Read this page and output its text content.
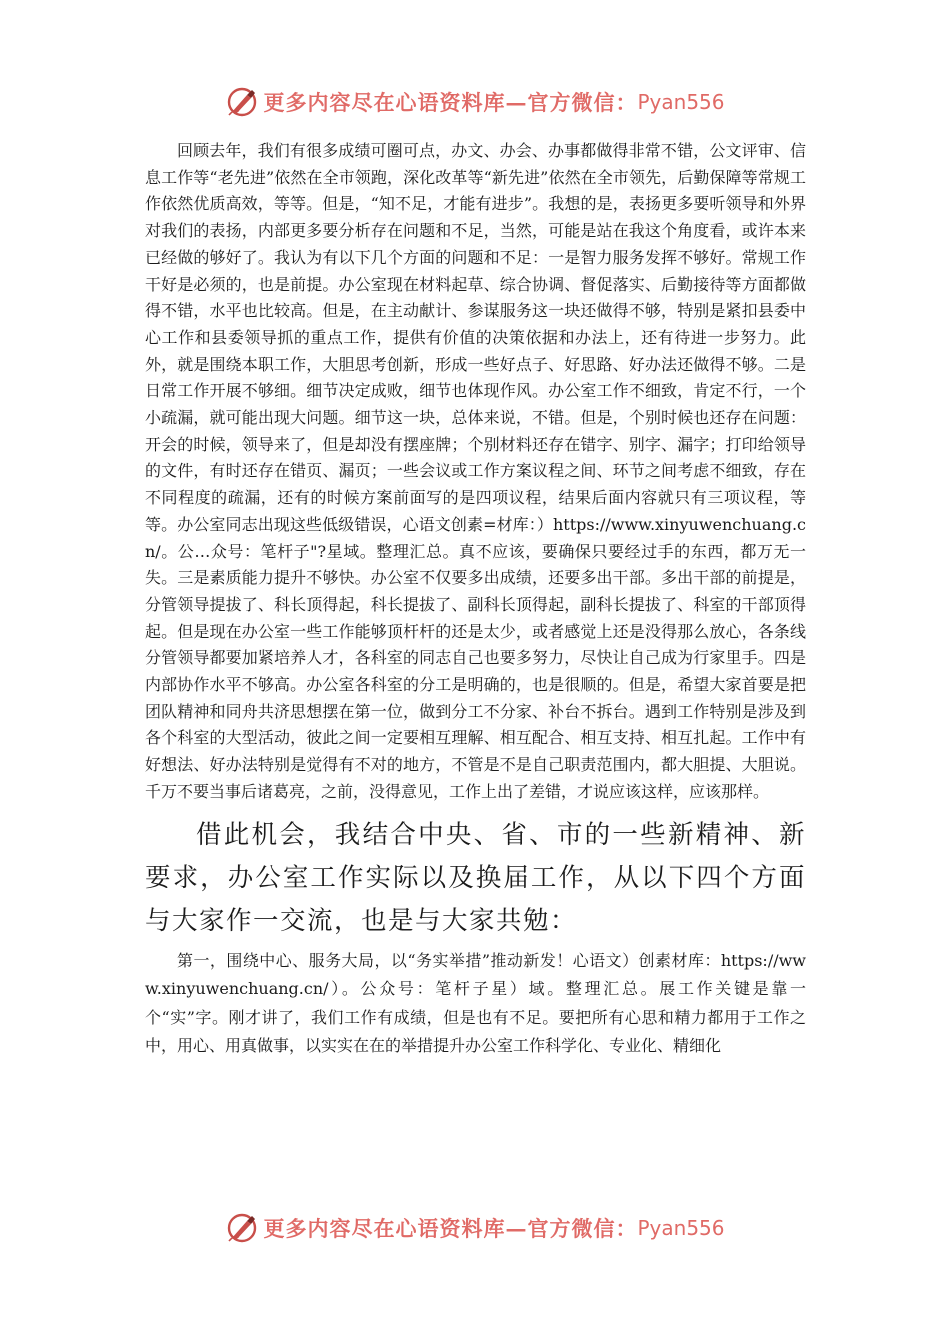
更多内容尽在心语资料库—官方微信： Pyan556

回顾去年，我们有很多成绩可圈可点，办文、办会、办事都做得非常不错，公文评审、信息工作等“老先进”依然在全市领跑，深化改革等“新先进”依然在全市领先，后勤保障等常规工作依然优质高效，等等。但是，“知不足，才能有进步”。我想的是，表扬更多要听领导和外界对我们的表扬，内部更多要分析存在问题和不足，当然，可能是站在我这个角度看，或许本来已经做的够好了。我认为有以下几个方面的问题和不足：一是智力服务发挥不够好。常规工作干好是必须的，也是前提。办公室现在材料起草、综合协调、督促落实、后勤接待等方面都做得不错，水平也比较高。但是，在主动献计、参谋服务这一块还做得不够，特别是紧扣县委中心工作和县委领导抓的重点工作，提供有价值的决策依据和办法上，还有待进一步努力。此外，就是围绕本职工作，大胆思考创新，形成一些好点子、好思路、好办法还做得不够。二是日常工作开展不够细。细节决定成败，细节也体现作风。办公室工作不细致，肯定不行，一个小疏漏，就可能出现大问题。细节这一块，总体来说，不错。但是，个别时候也还存在问题：开会的时候，领导来了，但是却没有摆座牌；个别材料还存在错字、别字、漏字；打印给领导的文件，有时还存在错页、漏页；一些会议或工作方案议程之间、环节之间考虑不细致，存在不同程度的疏漏，还有的时候方案前面写的是四项议程，结果后面内容就只有三项议程，等等。办公室同志出现这些低级错误，心语文创素=材库：）https://www.xinyuwenchuang.cn/。公…众号：笔杆子"?星域。整理汇总。真不应该，要确保只要经过手的东西，都万无一失。三是素质能力提升不够快。办公室不仅要多出成绩，还要多出干部。多出干部的前提是，分管领导提拔了、科长顶得起，科长提拔了、副科长顶得起，副科长提拔了、科室的干部顶得起。但是现在办公室一些工作能够顶杆杆的还是太少，或者感觉上还是没得那么放心，各条线分管领导都要加紧培养人才，各科室的同志自己也要多努力，尽快让自己成为行家里手。四是内部协作水平不够高。办公室各科室的分工是明确的，也是很顺的。但是，希望大家首要是把团队精神和同舟共济思想摆在第一位，做到分工不分家、补台不拆台。遇到工作特别是涉及到各个科室的大型活动，彼此之间一定要相互理解、相互配合、相互支持、相互扎起。工作中有好想法、好办法特别是觉得有不对的地方，不管是不是自己职责范围内，都大胆提、大胆说。千万不要当事后诸葛亮，之前，没得意见，工作上出了差错，才说应该这样，应该那样。

借此机会，我结合中央、省、市的一些新精神、新要求，办公室工作实际以及换届工作，从以下四个方面与大家作一交流，也是与大家共勉：

第一，围绕中心、服务大局，以“务实举措”推动新发！心语文）创素材库：https://www.xinyuwenchuang.cn/）。公众号：笔杆子星）域。整理汇总。展工作关键是靠一个“实”字。刚才讲了，我们工作有成绩，但是也有不足。要把所有心思和精力都用于工作之中，用心、用真做事，以实实在在的举措提升办公室工作科学化、专业化、精细化

更多内容尽在心语资料库—官方微信： Pyan556
